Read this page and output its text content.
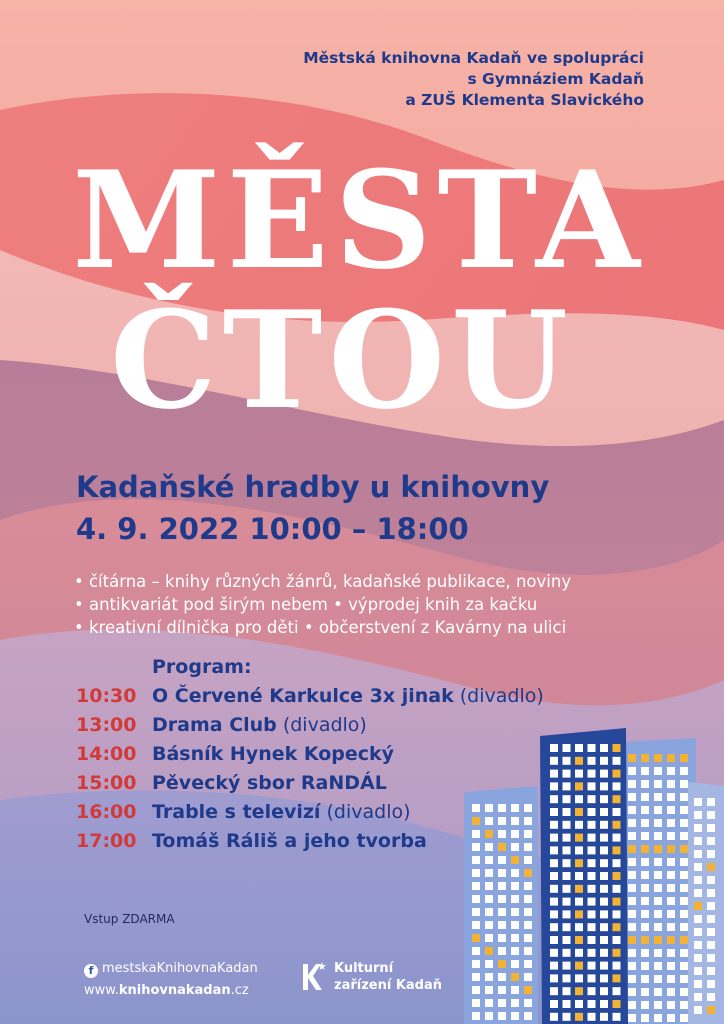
Městská knihovna Kadaň ve spolupráci
s Gymnáziem Kadaň
a ZUŠ Klementa Slavického
MĚSTA
ČTOU
Kadaňské hradby u knihovny
4. 9. 2022 10:00 – 18:00
• čítárna – knihy různých žánrů, kadaňské publikace, noviny
• antikvariát pod širým nebem • výprodej knih za kačku
• kreativní dílnička pro děti • občerstvení z Kavárny na ulici
Program:
10:30 O Červené Karkulce 3x jinak (divadlo)
13:00 Drama Club (divadlo)
14:00 Básník Hynek Kopecký
15:00 Pěvecký sbor RaNDÁL
16:00 Trable s televizí (divadlo)
17:00 Tomáš Ráliš a jeho tvorba
Vstup ZDARMA
f mestskaKnihovnaKadan
www.knihovnakadan.cz
Kulturní
zařízení Kadaň
